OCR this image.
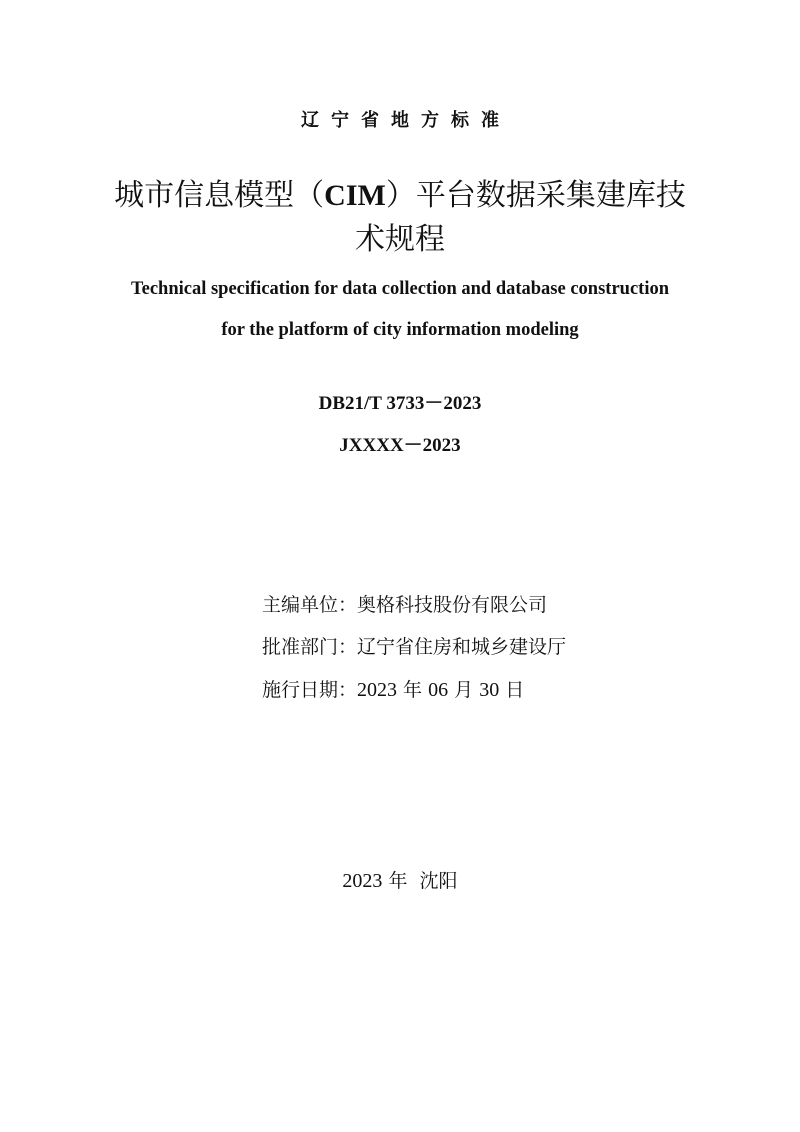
辽宁省地方标准
城市信息模型（CIM）平台数据采集建库技
术规程
Technical specification for data collection and database construction
for the platform of city information modeling
DB21/T 3733－2023
JXXXX－2023
主编单位：奥格科技股份有限公司
批准部门：辽宁省住房和城乡建设厅
施行日期：2023 年 06 月 30 日
2023 年  沈阳
